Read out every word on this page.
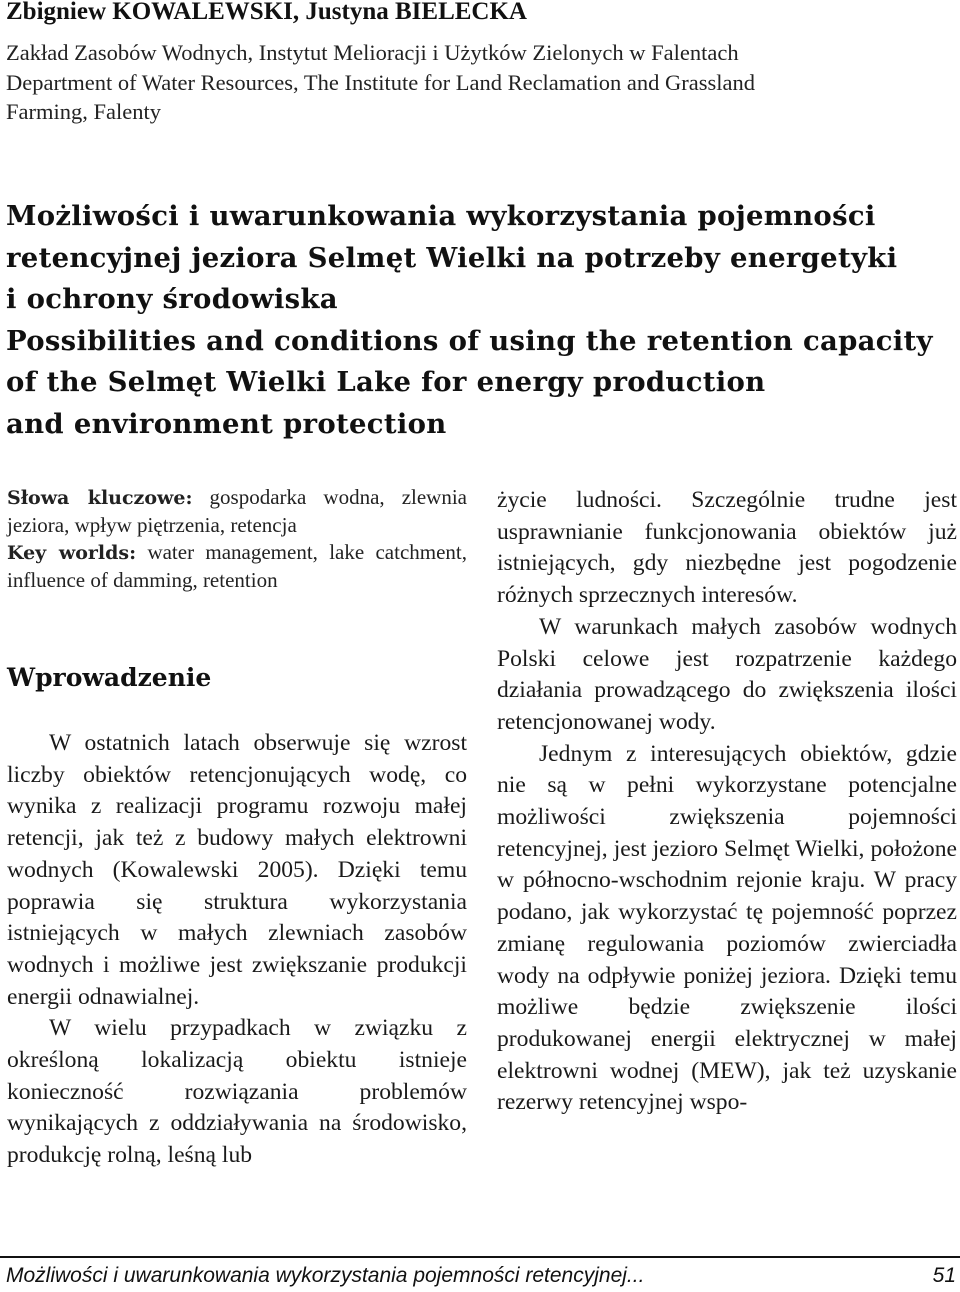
Zbigniew KOWALEWSKI, Justyna BIELECKA
Zakład Zasobów Wodnych, Instytut Melioracji i Użytków Zielonych w Falentach
Department of Water Resources, The Institute for Land Reclamation and Grassland
Farming, Falenty
Możliwości i uwarunkowania wykorzystania pojemności
retencyjnej jeziora Selmęt Wielki na potrzeby energetyki
i ochrony środowiska
Possibilities and conditions of using the retention capacity
of the Selmęt Wielki Lake for energy production
and environment protection
Słowa kluczowe: gospodarka wodna, zlewnia jeziora, wpływ piętrzenia, retencja
Key worlds: water management, lake catchment, influence of damming, retention
Wprowadzenie

W ostatnich latach obserwuje się wzrost liczby obiektów retencjonujących wodę, co wynika z realizacji programu rozwoju małej retencji, jak też z budowy małych elektrowni wodnych (Kowalewski 2005). Dzięki temu poprawia się struktura wykorzystania istniejących w małych zlewniach zasobów wodnych i możliwe jest zwiększanie produkcji energii odnawialnej.

W wielu przypadkach w związku z określoną lokalizacją obiektu istnieje konieczność rozwiązania problemów wynikających z oddziaływania na środowisko, produkcję rolną, leśną lub

życie ludności. Szczególnie trudne jest usprawnianie funkcjonowania obiektów już istniejących, gdy niezbędne jest pogodzenie różnych sprzecznych interesów.

W warunkach małych zasobów wodnych Polski celowe jest rozpatrzenie każdego działania prowadzącego do zwiększenia ilości retencjonowanej wody.

Jednym z interesujących obiektów, gdzie nie są w pełni wykorzystane potencjalne możliwości zwiększenia pojemności retencyjnej, jest jezioro Selmęt Wielki, położone w północno-wschodnim rejonie kraju. W pracy podano, jak wykorzystać tę pojemność poprzez zmianę regulowania poziomów zwierciadła wody na odpływie poniżej jeziora. Dzięki temu możliwe będzie zwiększenie ilości produkowanej energii elektrycznej w małej elektrowni wodnej (MEW), jak też uzyskanie rezerwy retencyjnej wspo-

Możliwości i uwarunkowania wykorzystania pojemności retencyjnej...	51
